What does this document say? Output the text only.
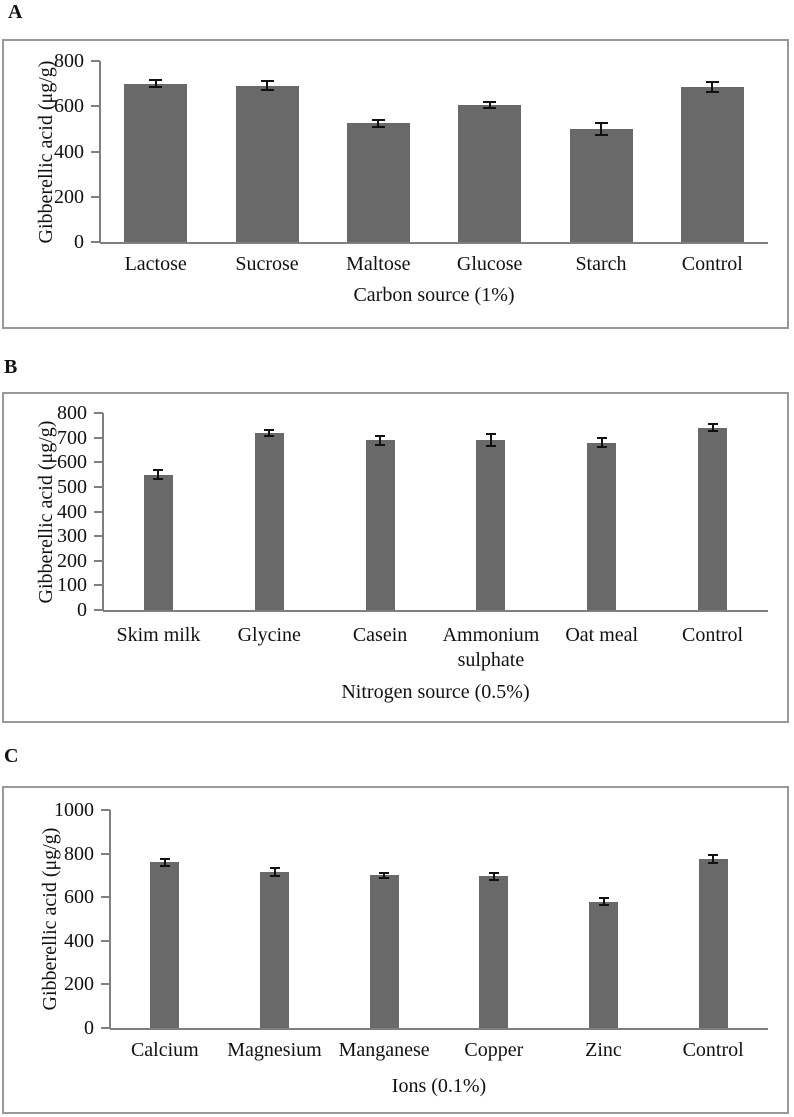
A
Gibberellic acid (μg/g) 0
200
400
600
800
Lactose	Sucrose	Maltose	Glucose	Starch	Control
Carbon source (1%)
B
Gibberellic acid (μg/g)
0
100
200
300
400
500
600
700
800
Skim milk	Glycine	Casein	Ammonium sulphate
Oat meal	Control
Nitrogen source (0.5%)
C
Gibberellic acid (μg/g)
0
200
400
600
800
1000
Calcium	Magnesium Manganese	Copper	Zinc	Control
Ions (0.1%)
